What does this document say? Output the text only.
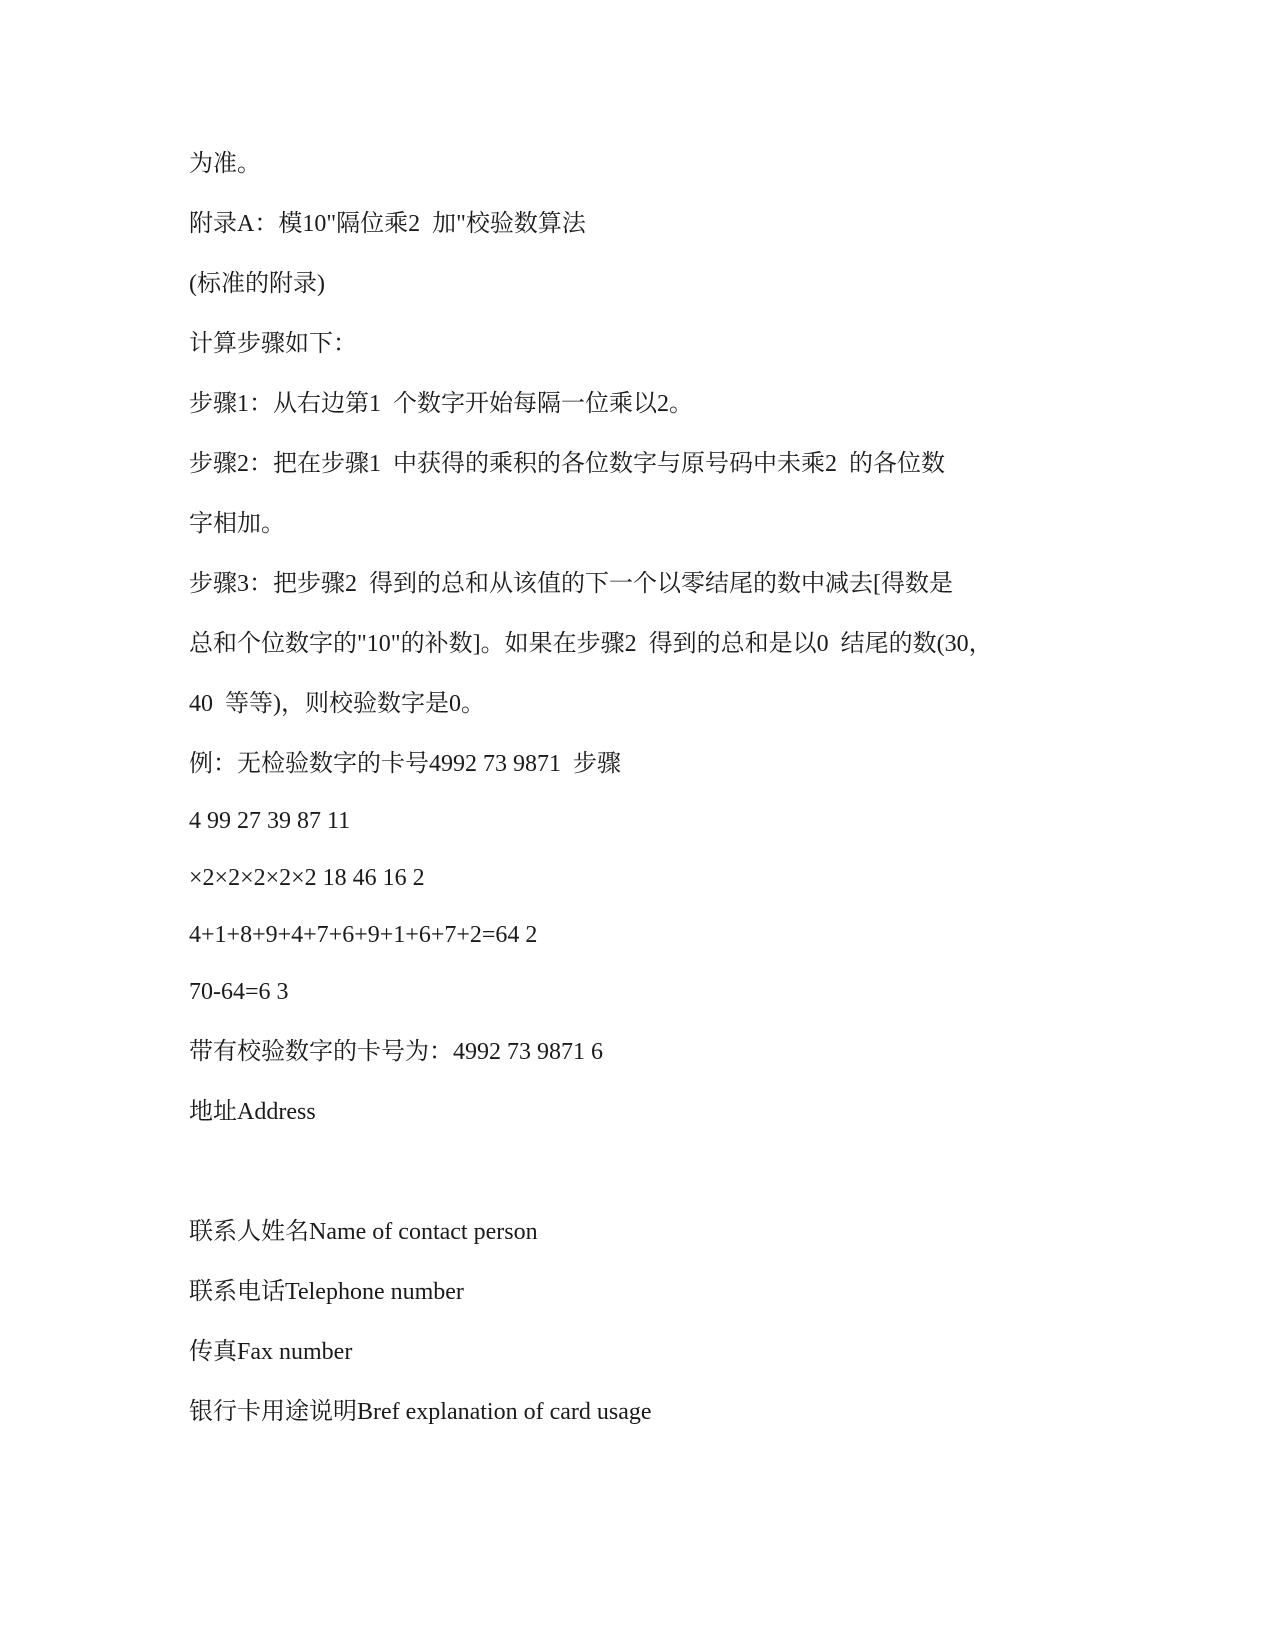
为准。
附录A：模10"隔位乘2  加"校验数算法
(标准的附录)
计算步骤如下：
步骤1：从右边第1  个数字开始每隔一位乘以2。
步骤2：把在步骤1  中获得的乘积的各位数字与原号码中未乘2  的各位数
字相加。
步骤3：把步骤2  得到的总和从该值的下一个以零结尾的数中减去[得数是
总和个位数字的"10"的补数]。如果在步骤2  得到的总和是以0  结尾的数(30，
40  等等)，则校验数字是0。
例：无检验数字的卡号4992 73 9871  步骤
4 99 27 39 87 11
×2×2×2×2×2 18 46 16 2
4+1+8+9+4+7+6+9+1+6+7+2=64 2
70-64=6 3
带有校验数字的卡号为：4992 73 9871 6
地址Address
联系人姓名Name of contact person
联系电话Telephone number
传真Fax number
银行卡用途说明Bref explanation of card usage
